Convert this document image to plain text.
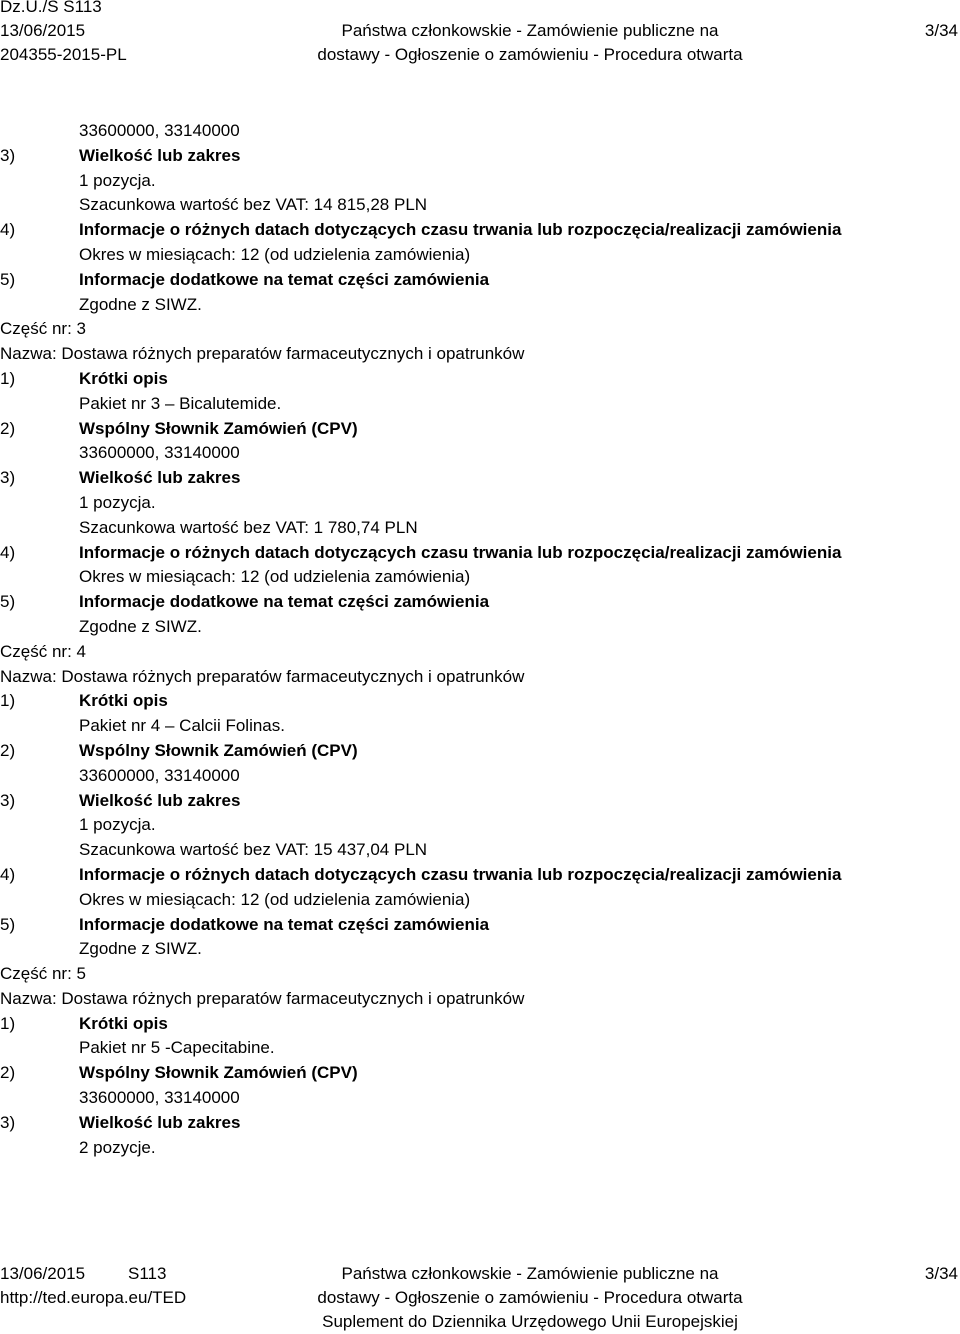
Dz.U./S S113
13/06/2015
204355-2015-PL
Państwa członkowskie - Zamówienie publiczne na
dostawy - Ogłoszenie o zamówieniu - Procedura otwarta
3/34
33600000, 33140000
3)	Wielkość lub zakres
1 pozycja.
Szacunkowa wartość bez VAT: 14 815,28 PLN
4)	Informacje o różnych datach dotyczących czasu trwania lub rozpoczęcia/realizacji zamówienia
Okres w miesiącach: 12 (od udzielenia zamówienia)
5)	Informacje dodatkowe na temat części zamówienia
Zgodne z SIWZ.
Część nr: 3
Nazwa: Dostawa różnych preparatów farmaceutycznych i opatrunków
1)	Krótki opis
Pakiet nr 3 – Bicalutemide.
2)	Wspólny Słownik Zamówień (CPV)
33600000, 33140000
3)	Wielkość lub zakres
1 pozycja.
Szacunkowa wartość bez VAT: 1 780,74 PLN
4)	Informacje o różnych datach dotyczących czasu trwania lub rozpoczęcia/realizacji zamówienia
Okres w miesiącach: 12 (od udzielenia zamówienia)
5)	Informacje dodatkowe na temat części zamówienia
Zgodne z SIWZ.
Część nr: 4
Nazwa: Dostawa różnych preparatów farmaceutycznych i opatrunków
1)	Krótki opis
Pakiet nr 4 – Calcii Folinas.
2)	Wspólny Słownik Zamówień (CPV)
33600000, 33140000
3)	Wielkość lub zakres
1 pozycja.
Szacunkowa wartość bez VAT: 15 437,04 PLN
4)	Informacje o różnych datach dotyczących czasu trwania lub rozpoczęcia/realizacji zamówienia
Okres w miesiącach: 12 (od udzielenia zamówienia)
5)	Informacje dodatkowe na temat części zamówienia
Zgodne z SIWZ.
Część nr: 5
Nazwa: Dostawa różnych preparatów farmaceutycznych i opatrunków
1)	Krótki opis
Pakiet nr 5 -Capecitabine.
2)	Wspólny Słownik Zamówień (CPV)
33600000, 33140000
3)	Wielkość lub zakres
2 pozycje.
13/06/2015	S113
http://ted.europa.eu/TED
Państwa członkowskie - Zamówienie publiczne na
dostawy - Ogłoszenie o zamówieniu - Procedura otwarta
Suplement do Dziennika Urzędowego Unii Europejskiej
3/34
